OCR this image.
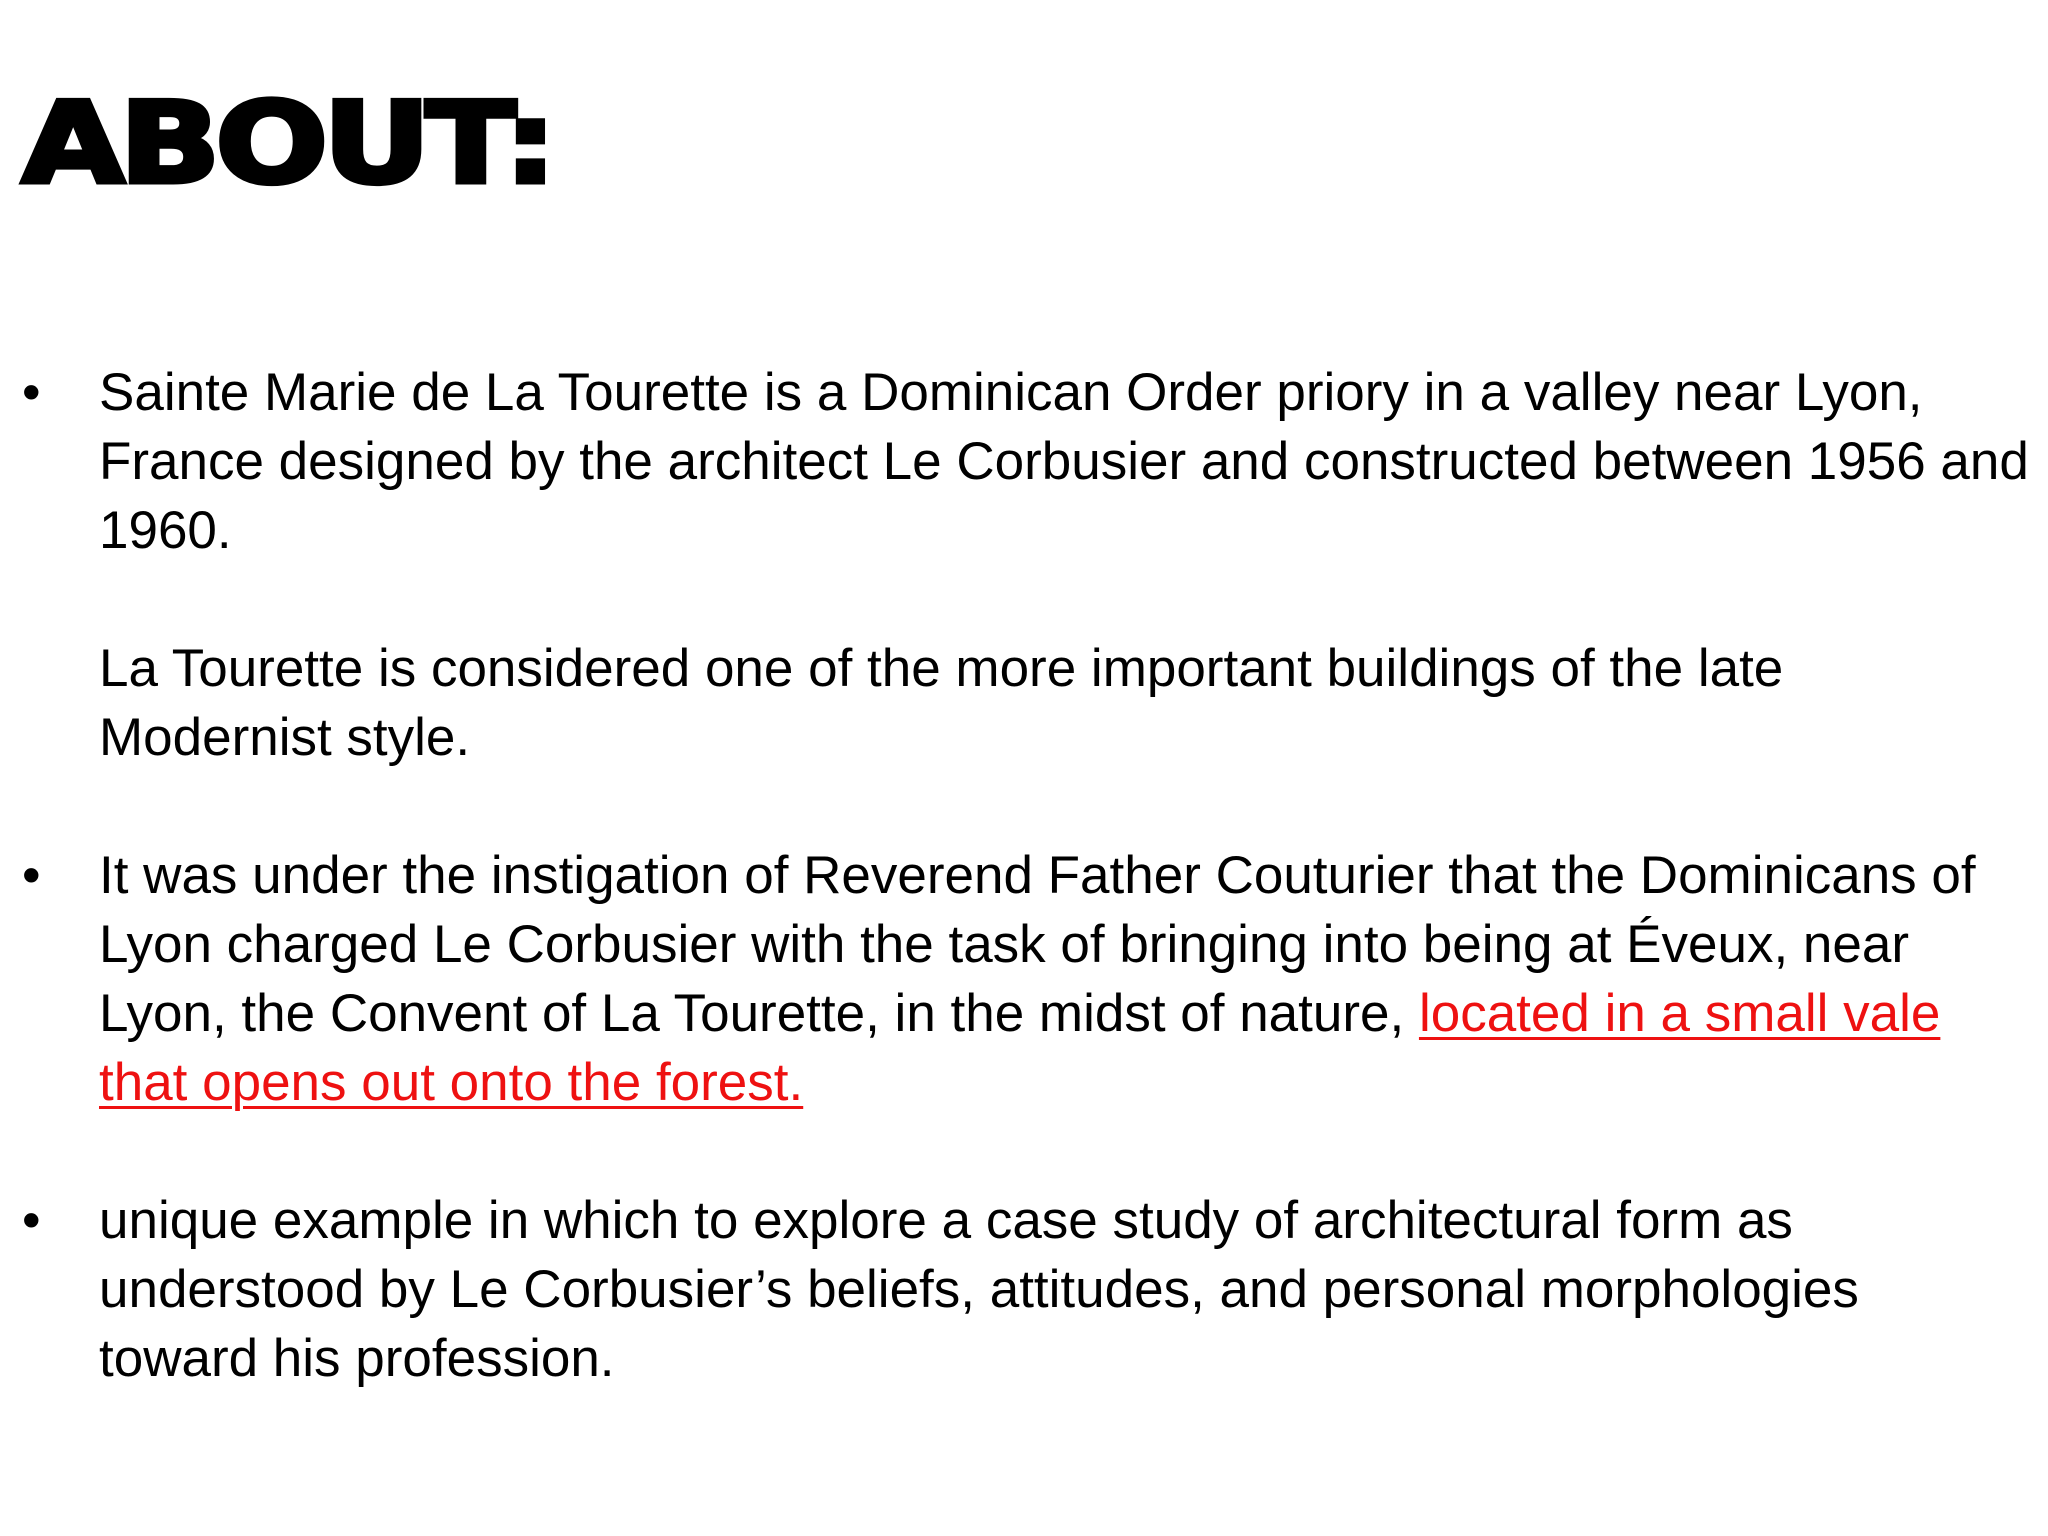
ABOUT:
•	Sainte Marie de La Tourette is a Dominican Order priory in a valley near Lyon, France designed by the architect Le Corbusier and constructed between 1956 and 1960.

La Tourette is considered one of the more important buildings of the late Modernist style.

•	It was under the instigation of Reverend Father Couturier that the Dominicans of Lyon charged Le Corbusier with the task of bringing into being at Éveux, near Lyon, the Convent of La Tourette, in the midst of nature, located in a small vale that opens out onto the forest.

•	unique example in which to explore a case study of architectural form as understood by Le Corbusier’s beliefs, attitudes, and personal morphologies toward his profession.
